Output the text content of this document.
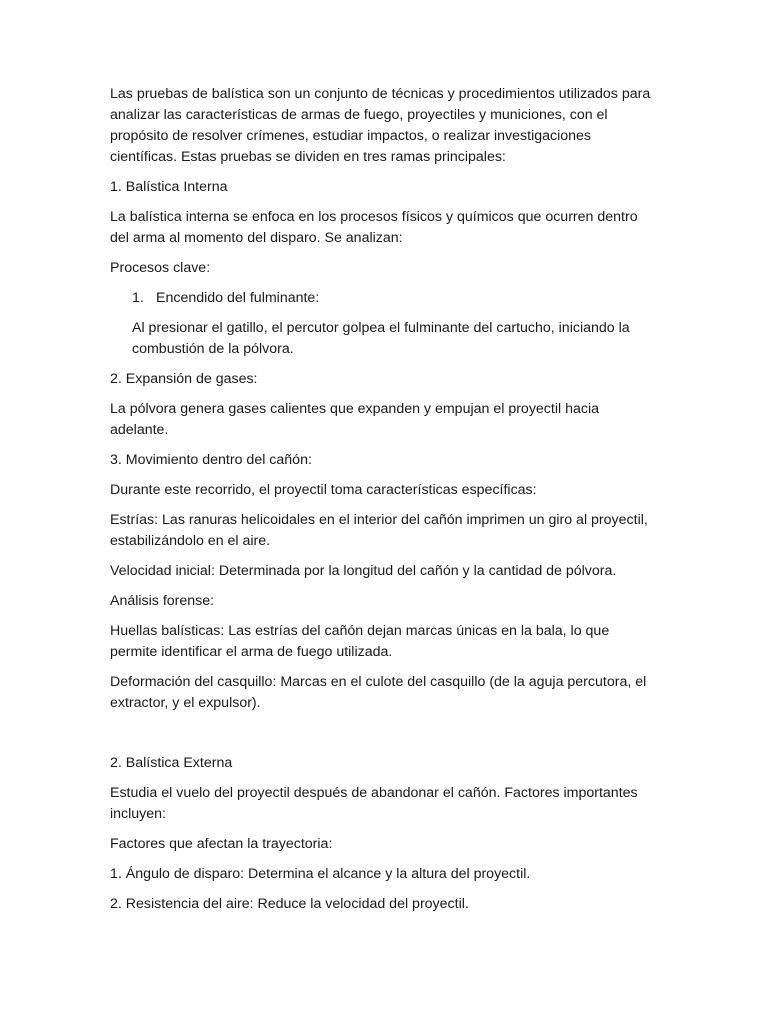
Las pruebas de balística son un conjunto de técnicas y procedimientos utilizados para analizar las características de armas de fuego, proyectiles y municiones, con el propósito de resolver crímenes, estudiar impactos, o realizar investigaciones científicas. Estas pruebas se dividen en tres ramas principales:

1. Balística Interna

La balística interna se enfoca en los procesos físicos y químicos que ocurren dentro del arma al momento del disparo. Se analizan:

Procesos clave:

1. Encendido del fulminante:

Al presionar el gatillo, el percutor golpea el fulminante del cartucho, iniciando la combustión de la pólvora.

2. Expansión de gases:

La pólvora genera gases calientes que expanden y empujan el proyectil hacia adelante.

3. Movimiento dentro del cañón:

Durante este recorrido, el proyectil toma características específicas:

Estrías: Las ranuras helicoidales en el interior del cañón imprimen un giro al proyectil, estabilizándolo en el aire.

Velocidad inicial: Determinada por la longitud del cañón y la cantidad de pólvora.

Análisis forense:

Huellas balísticas: Las estrías del cañón dejan marcas únicas en la bala, lo que permite identificar el arma de fuego utilizada.

Deformación del casquillo: Marcas en el culote del casquillo (de la aguja percutora, el extractor, y el expulsor).

2. Balística Externa

Estudia el vuelo del proyectil después de abandonar el cañón. Factores importantes incluyen:

Factores que afectan la trayectoria:

1. Ángulo de disparo: Determina el alcance y la altura del proyectil.

2. Resistencia del aire: Reduce la velocidad del proyectil.
